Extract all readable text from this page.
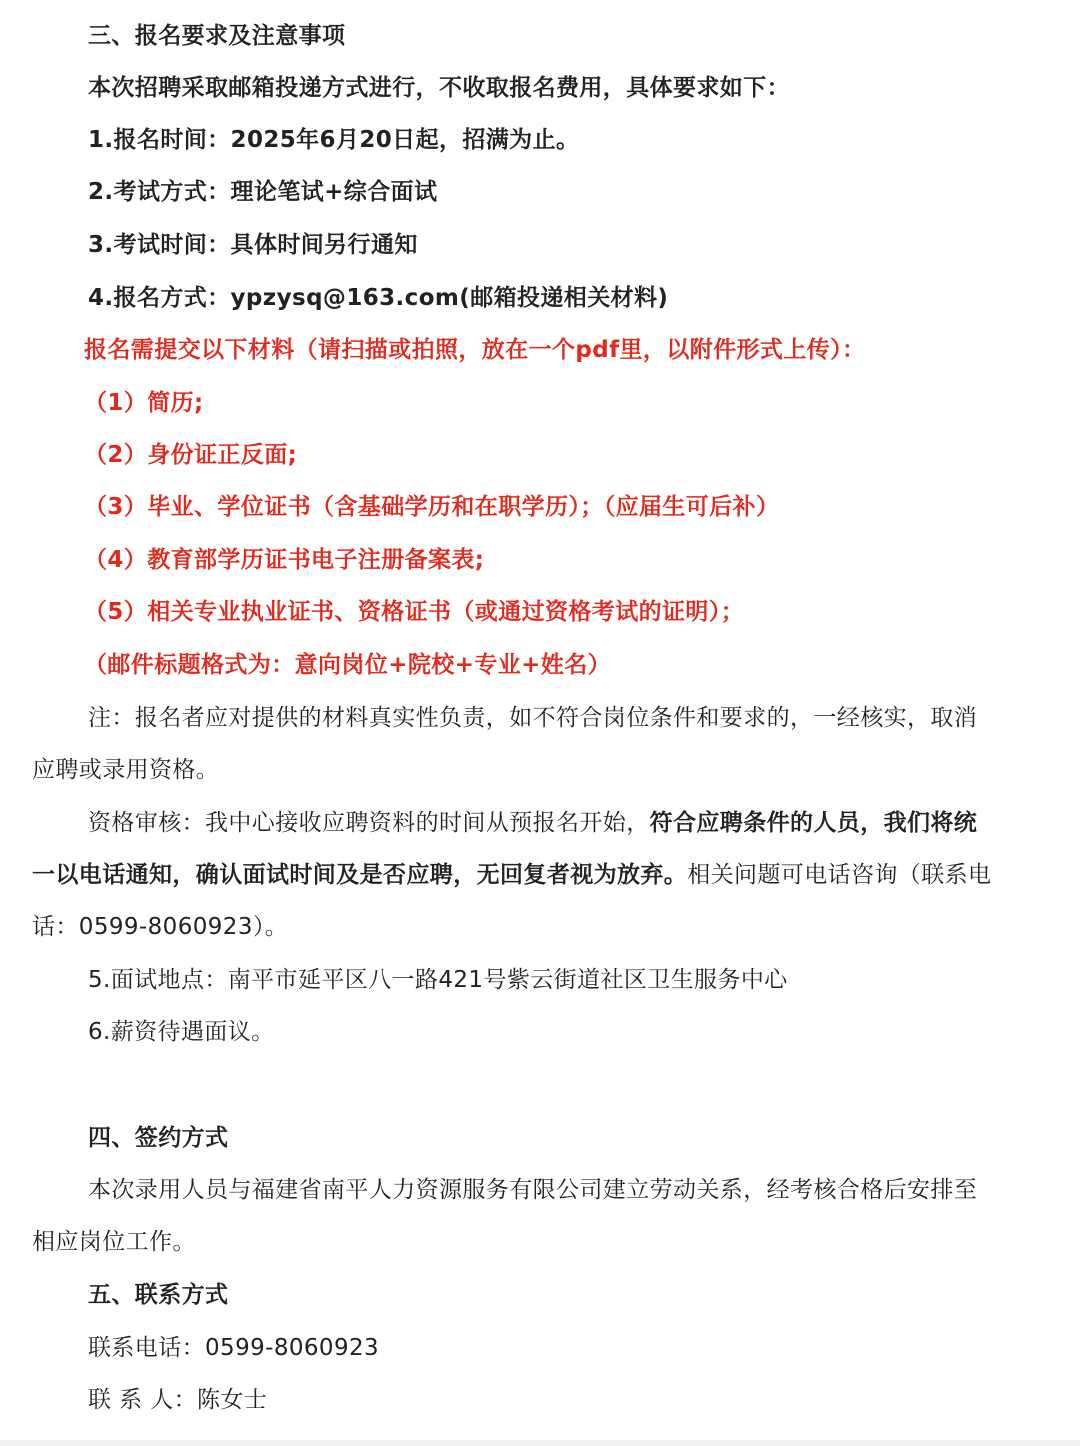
三、报名要求及注意事项
本次招聘采取邮箱投递方式进行，不收取报名费用，具体要求如下：
1.报名时间：2025年6月20日起，招满为止。
2.考试方式：理论笔试+综合面试
3.考试时间：具体时间另行通知
4.报名方式：ypzysq@163.com(邮箱投递相关材料)
报名需提交以下材料（请扫描或拍照，放在一个pdf里，以附件形式上传）：
（1）简历;
（2）身份证正反面;
（3）毕业、学位证书（含基础学历和在职学历）；（应届生可后补）
（4）教育部学历证书电子注册备案表;
（5）相关专业执业证书、资格证书（或通过资格考试的证明）；
（邮件标题格式为：意向岗位+院校+专业+姓名）
注：报名者应对提供的材料真实性负责，如不符合岗位条件和要求的，一经核实，取消
应聘或录用资格。
资格审核：我中心接收应聘资料的时间从预报名开始，符合应聘条件的人员，我们将统
一以电话通知，确认面试时间及是否应聘，无回复者视为放弃。相关问题可电话咨询（联系电
话：0599-8060923）。
5.面试地点：南平市延平区八一路421号紫云街道社区卫生服务中心
6.薪资待遇面议。
四、签约方式
本次录用人员与福建省南平人力资源服务有限公司建立劳动关系，经考核合格后安排至
相应岗位工作。
五、联系方式
联系电话：0599-8060923
联 系 人：陈女士
